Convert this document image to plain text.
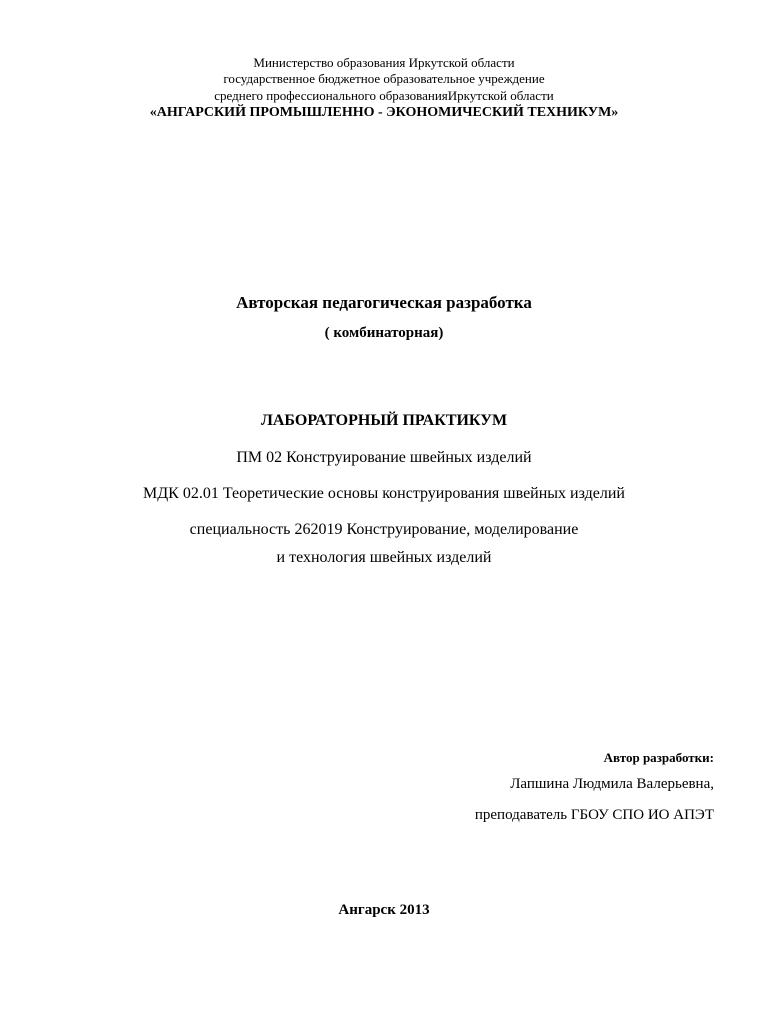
Министерство образования Иркутской области
государственное бюджетное образовательное учреждение
среднего профессионального образованияИркутской области
«АНГАРСКИЙ ПРОМЫШЛЕННО - ЭКОНОМИЧЕСКИЙ ТЕХНИКУМ»
Авторская педагогическая разработка
( комбинаторная)
ЛАБОРАТОРНЫЙ ПРАКТИКУМ
ПМ 02 Конструирование швейных изделий
МДК 02.01 Теоретические основы конструирования швейных изделий
специальность 262019 Конструирование, моделирование
и технология швейных изделий
Автор разработки:
Лапшина Людмила Валерьевна,
преподаватель ГБОУ СПО ИО АПЭТ
Ангарск 2013
